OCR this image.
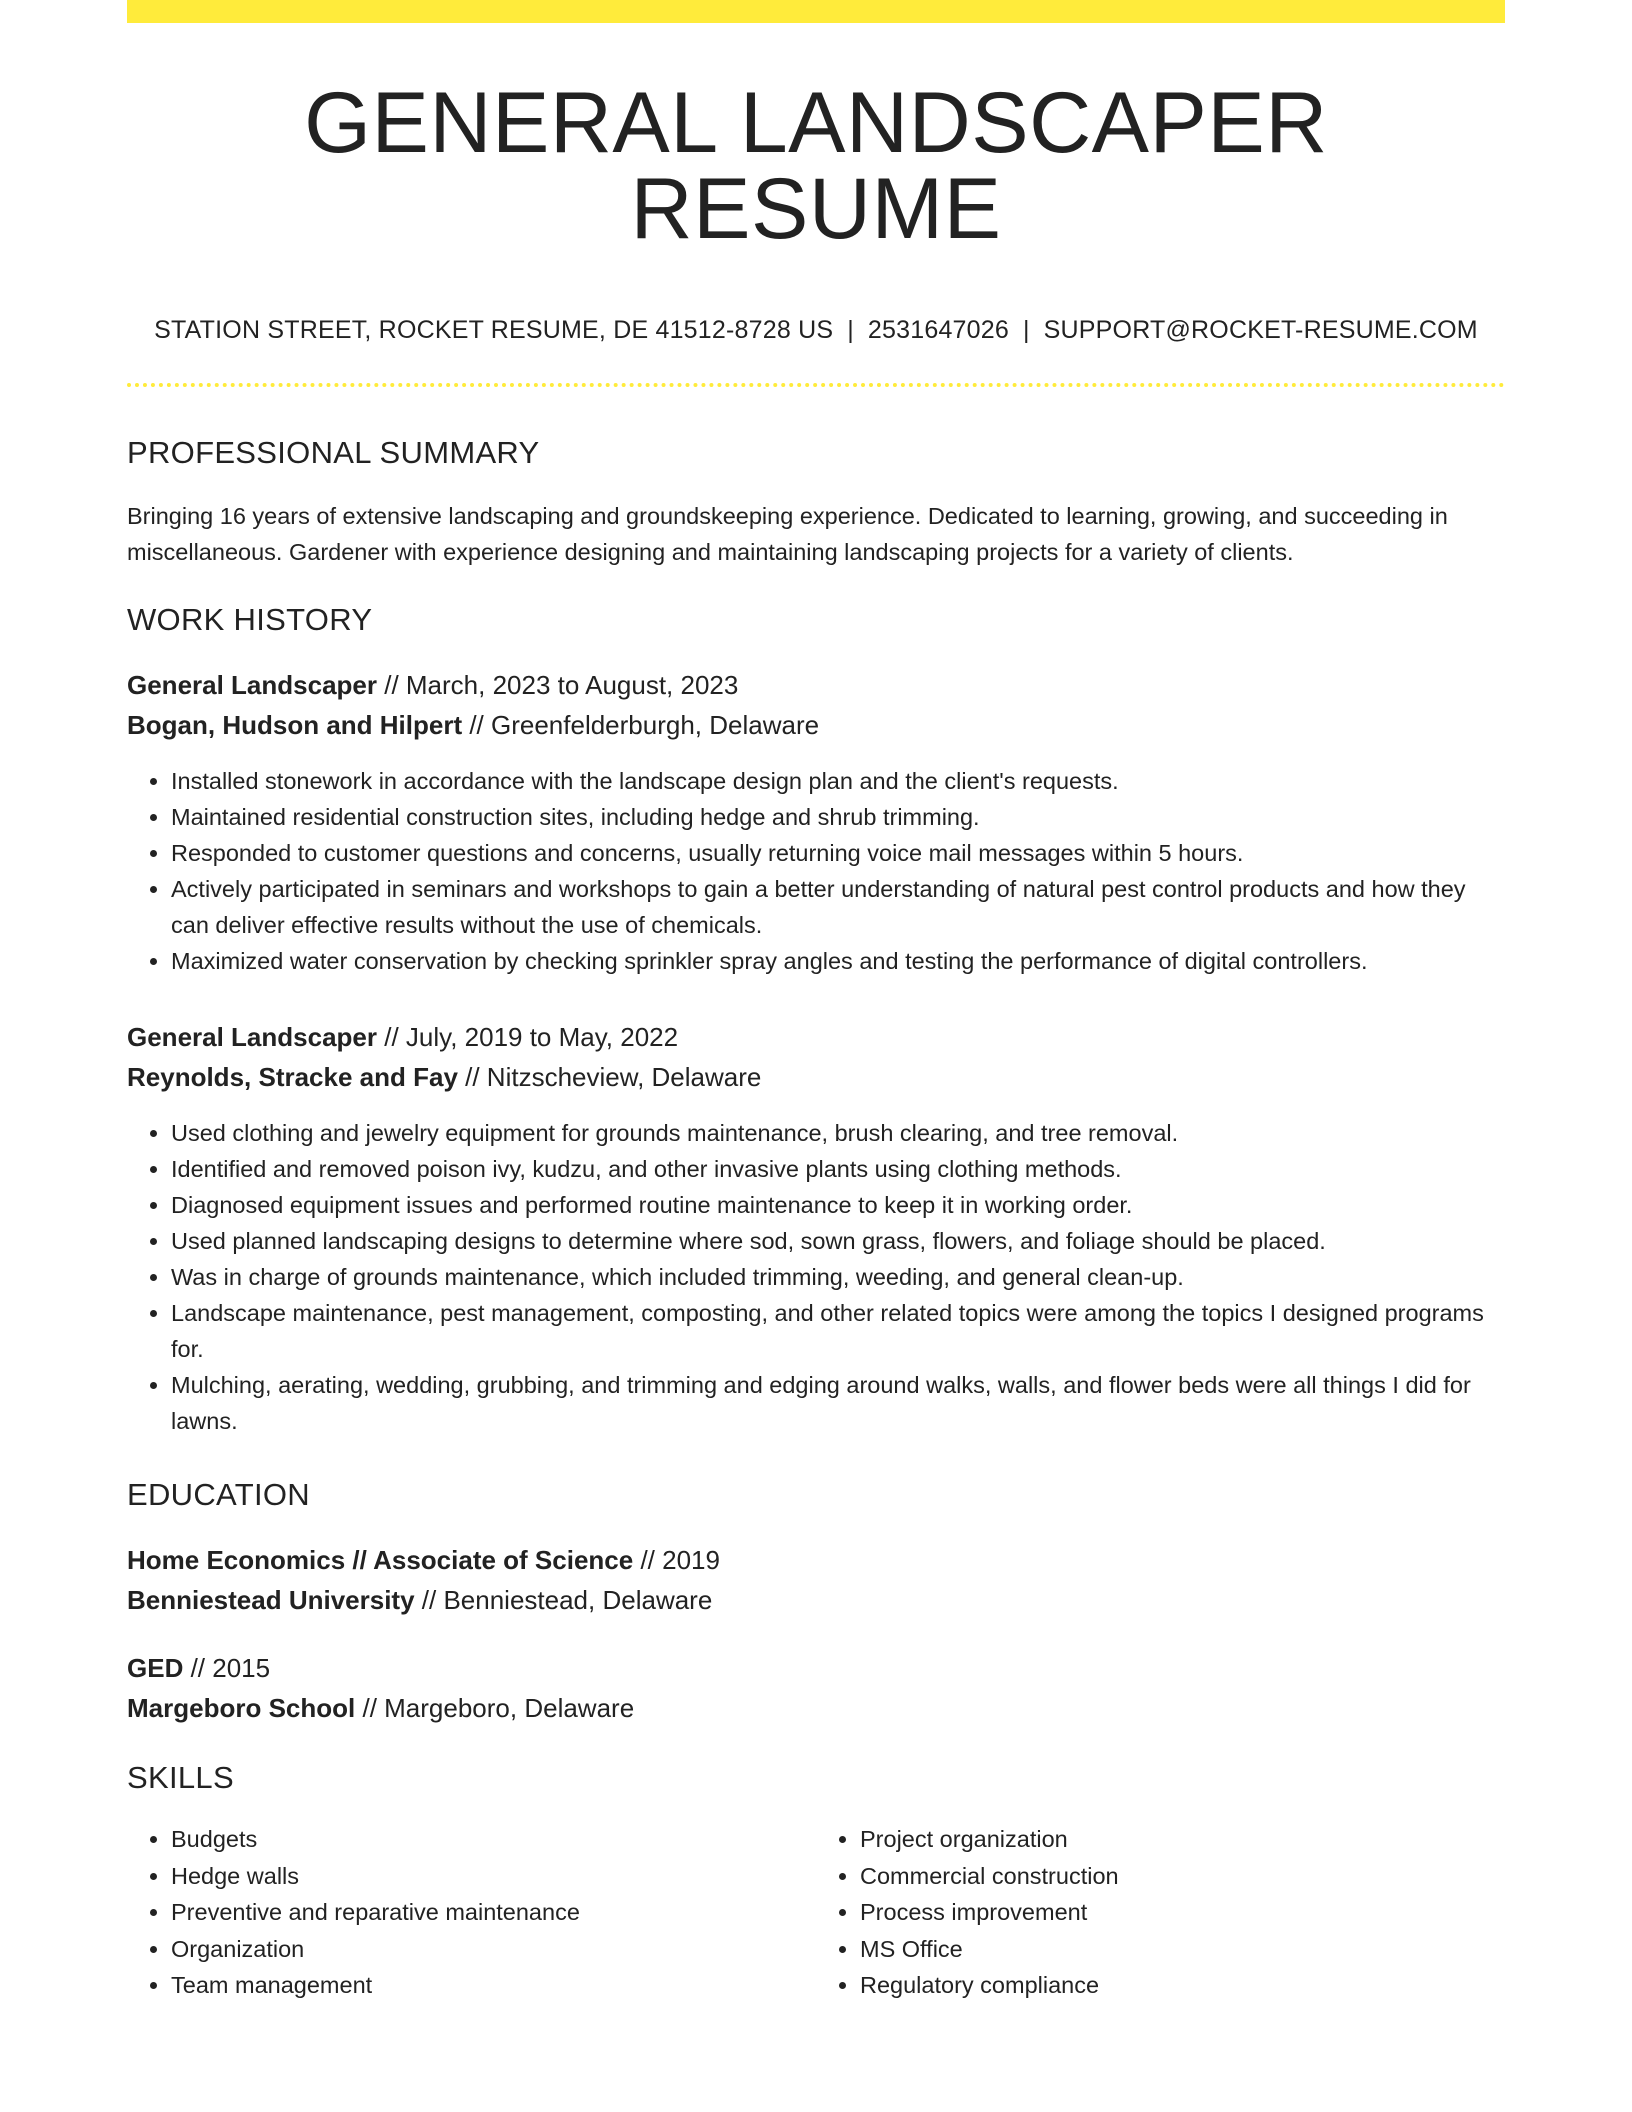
GENERAL LANDSCAPER RESUME
STATION STREET, ROCKET RESUME, DE 41512-8728 US | 2531647026 | SUPPORT@ROCKET-RESUME.COM
PROFESSIONAL SUMMARY

Bringing 16 years of extensive landscaping and groundskeeping experience. Dedicated to learning, growing, and succeeding in miscellaneous. Gardener with experience designing and maintaining landscaping projects for a variety of clients.

WORK HISTORY
General Landscaper // March, 2023 to August, 2023
Bogan, Hudson and Hilpert // Greenfelderburgh, Delaware
• Installed stonework in accordance with the landscape design plan and the client's requests.
• Maintained residential construction sites, including hedge and shrub trimming.
• Responded to customer questions and concerns, usually returning voice mail messages within 5 hours.
• Actively participated in seminars and workshops to gain a better understanding of natural pest control products and how they can deliver effective results without the use of chemicals.
• Maximized water conservation by checking sprinkler spray angles and testing the performance of digital controllers.
General Landscaper // July, 2019 to May, 2022
Reynolds, Stracke and Fay // Nitzscheview, Delaware
• Used clothing and jewelry equipment for grounds maintenance, brush clearing, and tree removal.
• Identified and removed poison ivy, kudzu, and other invasive plants using clothing methods.
• Diagnosed equipment issues and performed routine maintenance to keep it in working order.
• Used planned landscaping designs to determine where sod, sown grass, flowers, and foliage should be placed.
• Was in charge of grounds maintenance, which included trimming, weeding, and general clean-up.
• Landscape maintenance, pest management, composting, and other related topics were among the topics I designed programs for.
• Mulching, aerating, wedding, grubbing, and trimming and edging around walks, walls, and flower beds were all things I did for lawns.
EDUCATION
Home Economics // Associate of Science // 2019
Benniestead University // Benniestead, Delaware
GED // 2015
Margeboro School // Margeboro, Delaware
SKILLS
• Budgets
• Hedge walls
• Preventive and reparative maintenance
• Organization
• Team management
• Project organization
• Commercial construction
• Process improvement
• MS Office
• Regulatory compliance
